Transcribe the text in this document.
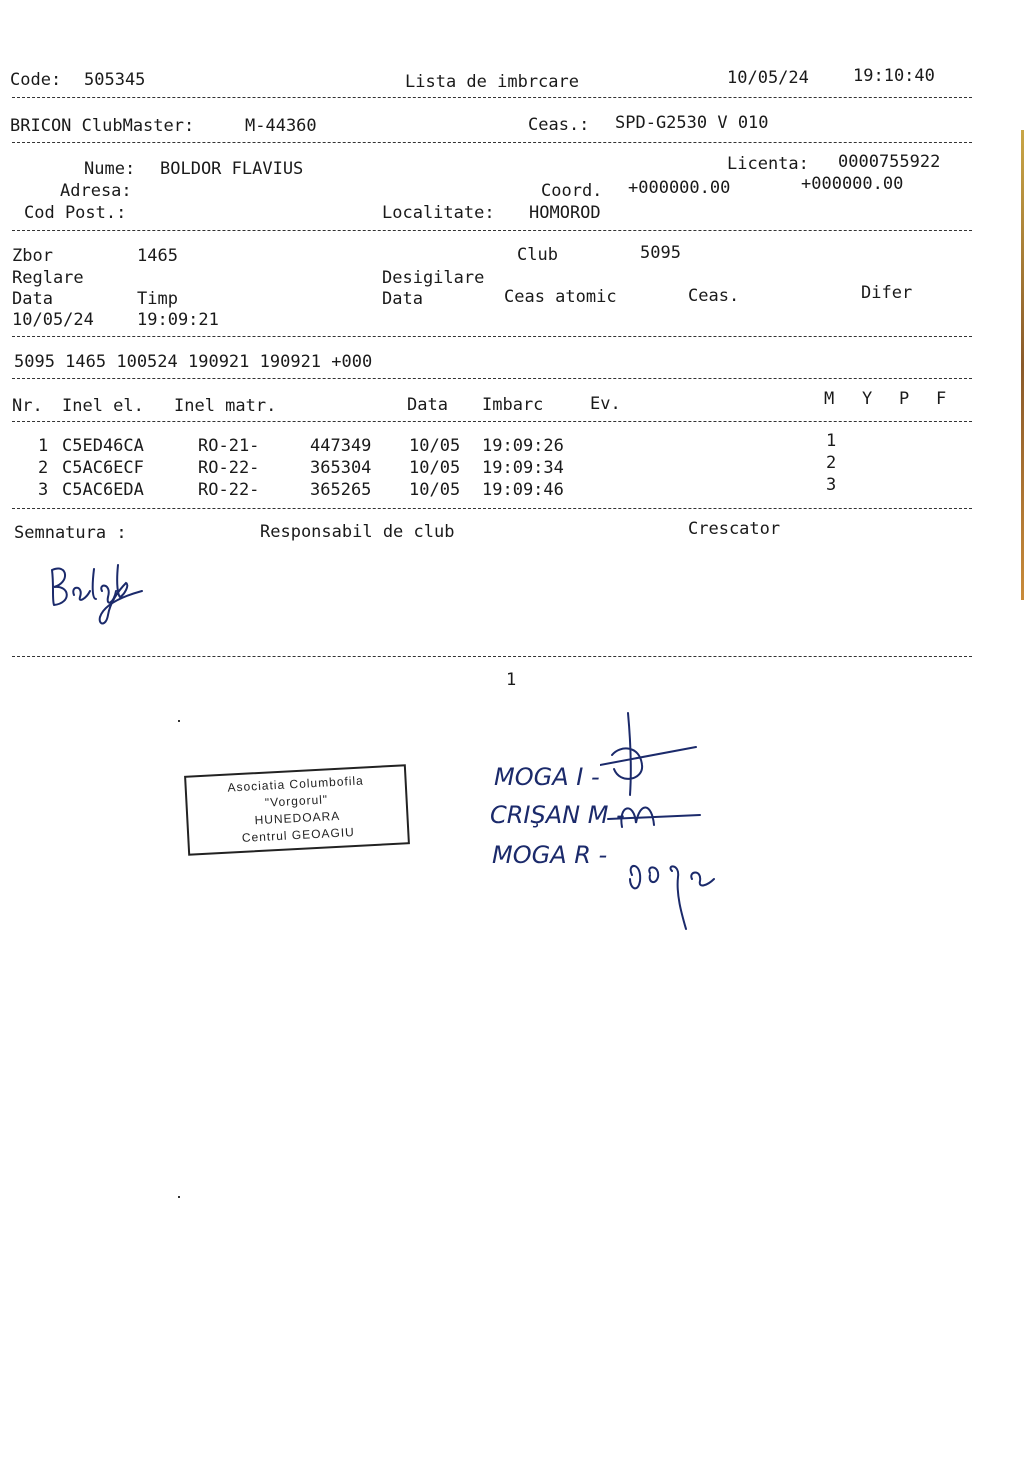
Code: 505345	Lista de imbrcare	10/05/24	19:10:40
BRICON ClubMaster:	M-44360	Ceas.: SPD-G2530 V 010
Nume: BOLDOR FLAVIUS	Licenta: 0000755922
Adresa:	Coord. +000000.00	+000000.00
Cod Post.:	Localitate: HOMOROD
Zbor	1465	Club	5095
Reglare	Desigilare
Data	Timp	Data	Ceas atomic	Ceas.	Difer
10/05/24	19:09:21
5095 1465 100524 190921 190921 +000
Nr. Inel el. Inel matr.	Data Imbarc	Ev.	M Y P F
1 C5ED46CA	RO-21-	447349 10/05 19:09:26	1
2 C5AC6ECF	RO-22-	365304 10/05 19:09:34	2
3 C5AC6EDA	RO-22-	365265 10/05 19:09:46	3
Semnatura :	Responsabil de club	Crescator
1
Asociatia Columbofila
"Vorgorul"
HUNEDOARA
Centrul GEOAGIU
MOGA I -
CRIŞAN M -
MOGA R -
